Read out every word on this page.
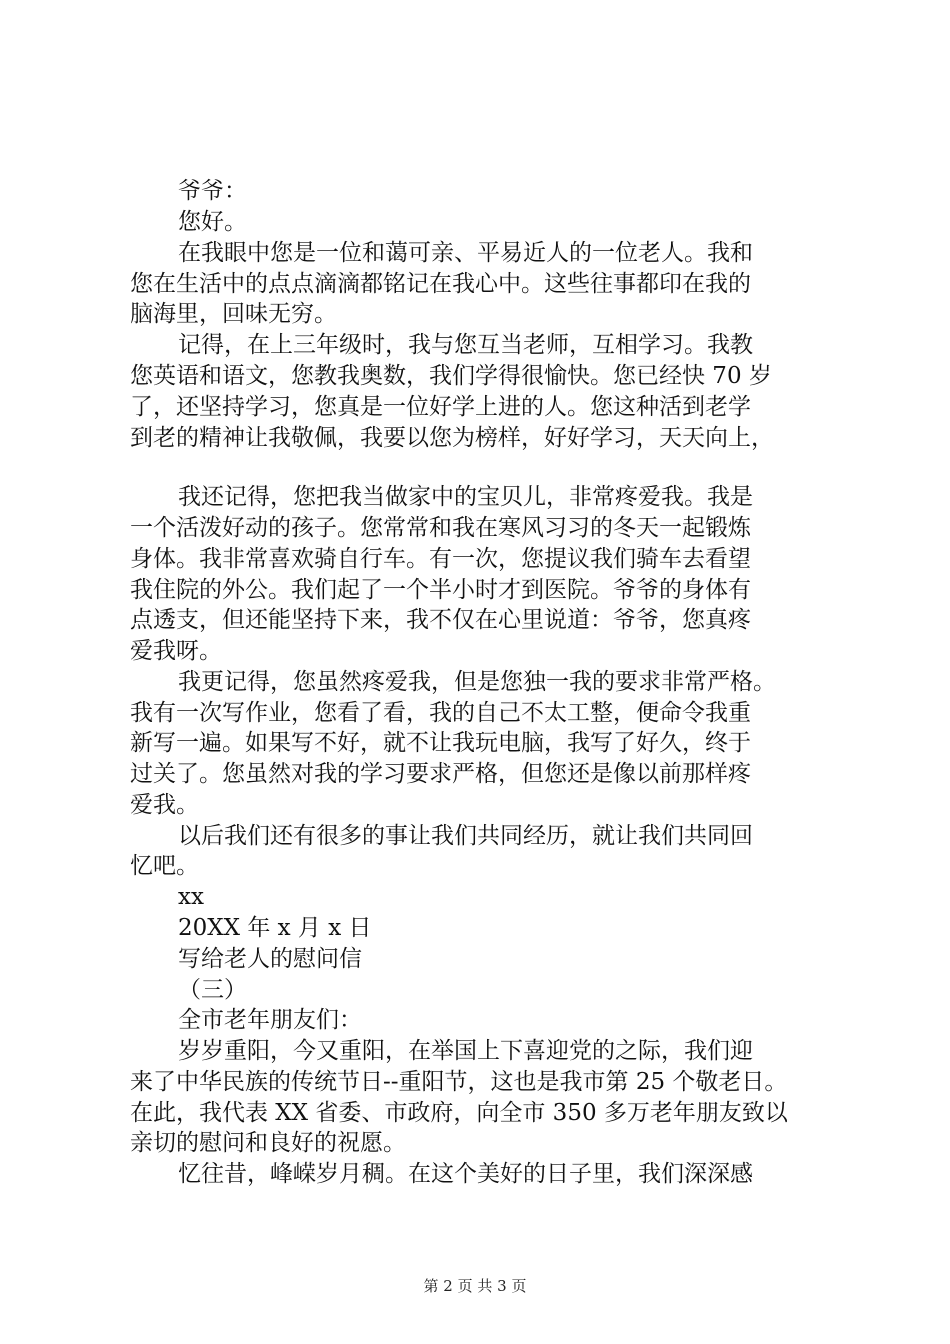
爷爷：
您好。
在我眼中您是一位和蔼可亲、平易近人的一位老人。我和
您在生活中的点点滴滴都铭记在我心中。这些往事都印在我的
脑海里，回味无穷。
记得，在上三年级时，我与您互当老师，互相学习。我教
您英语和语文，您教我奥数，我们学得很愉快。您已经快 70 岁
了，还坚持学习，您真是一位好学上进的人。您这种活到老学
到老的精神让我敬佩，我要以您为榜样，好好学习，天天向上，
我还记得，您把我当做家中的宝贝儿，非常疼爱我。我是
一个活泼好动的孩子。您常常和我在寒风习习的冬天一起锻炼
身体。我非常喜欢骑自行车。有一次，您提议我们骑车去看望
我住院的外公。我们起了一个半小时才到医院。爷爷的身体有
点透支，但还能坚持下来，我不仅在心里说道：爷爷，您真疼
爱我呀。
我更记得，您虽然疼爱我，但是您独一我的要求非常严格。
我有一次写作业，您看了看，我的自己不太工整，便命令我重
新写一遍。如果写不好，就不让我玩电脑，我写了好久，终于
过关了。您虽然对我的学习要求严格，但您还是像以前那样疼
爱我。
以后我们还有很多的事让我们共同经历，就让我们共同回
忆吧。
xx
20XX 年 x 月 x 日
写给老人的慰问信
（三）
全市老年朋友们：
岁岁重阳，今又重阳，在举国上下喜迎党的之际，我们迎
来了中华民族的传统节日--重阳节，这也是我市第 25 个敬老日。
在此，我代表 XX 省委、市政府，向全市 350 多万老年朋友致以
亲切的慰问和良好的祝愿。
忆往昔，峰嵘岁月稠。在这个美好的日子里，我们深深感
第 2 页 共 3 页
